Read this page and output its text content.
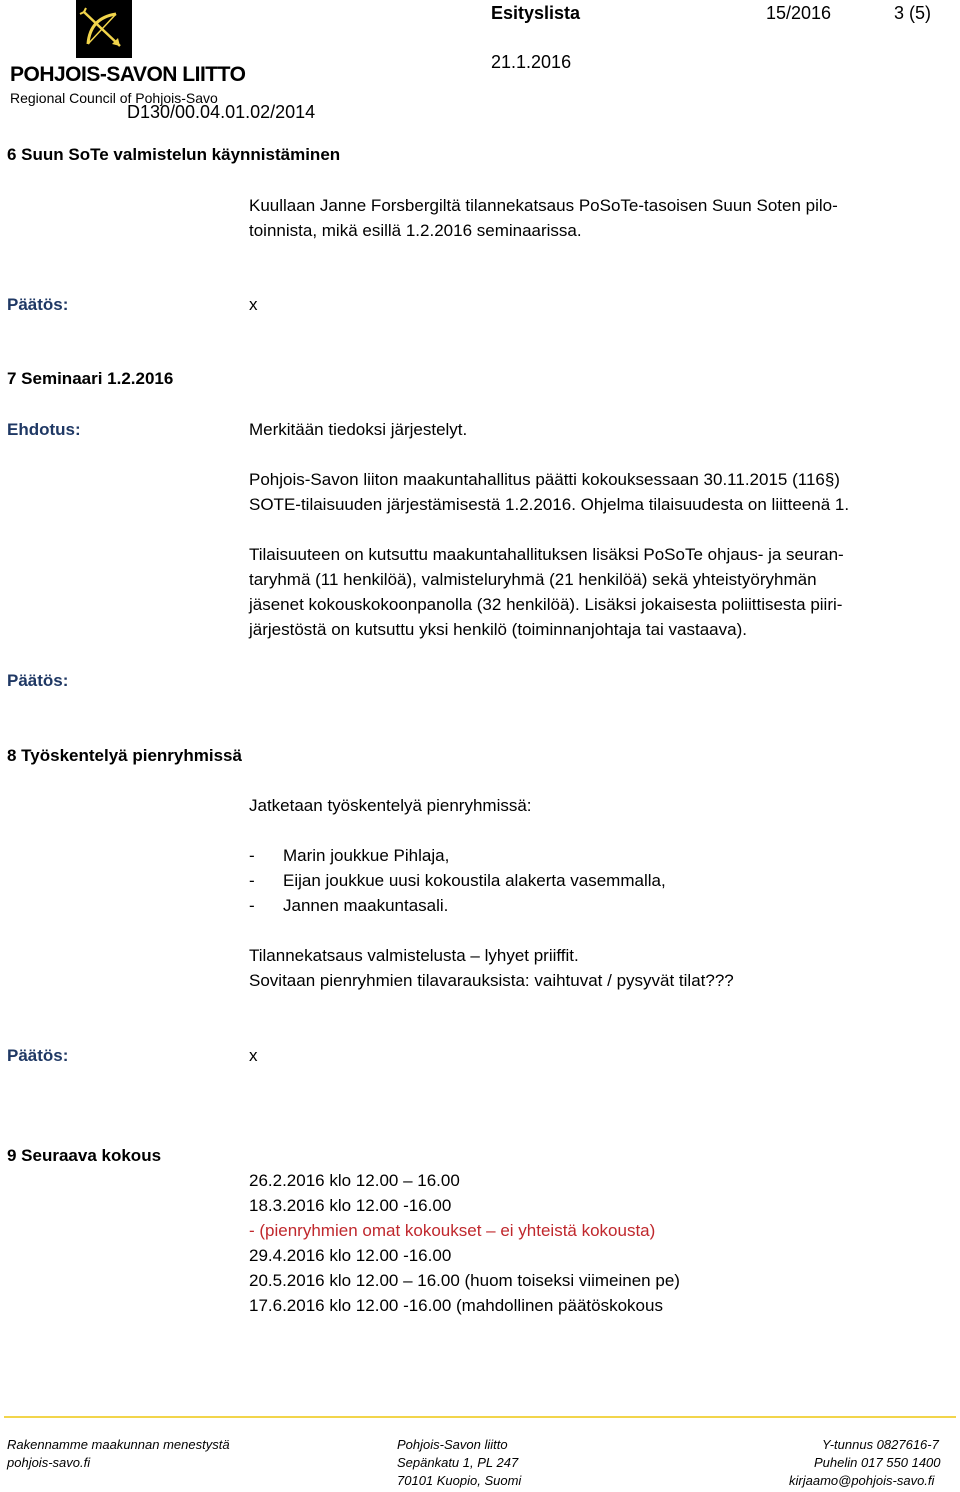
POHJOIS-SAVON LIITTO
Regional Council of Pohjois-Savo
Esityslista	15/2016	3 (5)
21.1.2016
D130/00.04.01.02/2014
6 Suun SoTe valmistelun käynnistäminen
Kuullaan Janne Forsbergiltä tilannekatsaus PoSoTe-tasoisen Suun Soten pilo-
toinnista, mikä esillä 1.2.2016 seminaarissa.
Päätös:	x
7 Seminaari 1.2.2016
Ehdotus:	Merkitään tiedoksi järjestelyt.
Pohjois-Savon liiton maakuntahallitus päätti kokouksessaan 30.11.2015 (116§)
SOTE-tilaisuuden järjestämisestä 1.2.2016. Ohjelma tilaisuudesta on liitteenä 1.
Tilaisuuteen on kutsuttu maakuntahallituksen lisäksi PoSoTe ohjaus- ja seuran-
taryhmä (11 henkilöä), valmisteluryhmä (21 henkilöä) sekä yhteistyöryhmän
jäsenet kokouskokoonpanolla (32 henkilöä). Lisäksi jokaisesta poliittisesta piiri-
järjestöstä on kutsuttu yksi henkilö (toiminnanjohtaja tai vastaava).
Päätös:
8 Työskentelyä pienryhmissä
Jatketaan työskentelyä pienryhmissä:
- Marin joukkue Pihlaja,
- Eijan joukkue uusi kokoustila alakerta vasemmalla,
- Jannen maakuntasali.
Tilannekatsaus valmistelusta – lyhyet priiffit.
Sovitaan pienryhmien tilavarauksista: vaihtuvat / pysyvät tilat???
Päätös:	x
9 Seuraava kokous
26.2.2016 klo 12.00 – 16.00
18.3.2016 klo 12.00 -16.00
- (pienryhmien omat kokoukset – ei yhteistä kokousta)
29.4.2016 klo 12.00 -16.00
20.5.2016 klo 12.00 – 16.00 (huom toiseksi viimeinen pe)
17.6.2016 klo 12.00 -16.00 (mahdollinen päätöskokous
Rakennamme maakunnan menestystä
pohjois-savo.fi
Pohjois-Savon liitto
Sepänkatu 1, PL 247
70101 Kuopio, Suomi
Y-tunnus 0827616-7
Puhelin 017 550 1400
kirjaamo@pohjois-savo.fi
